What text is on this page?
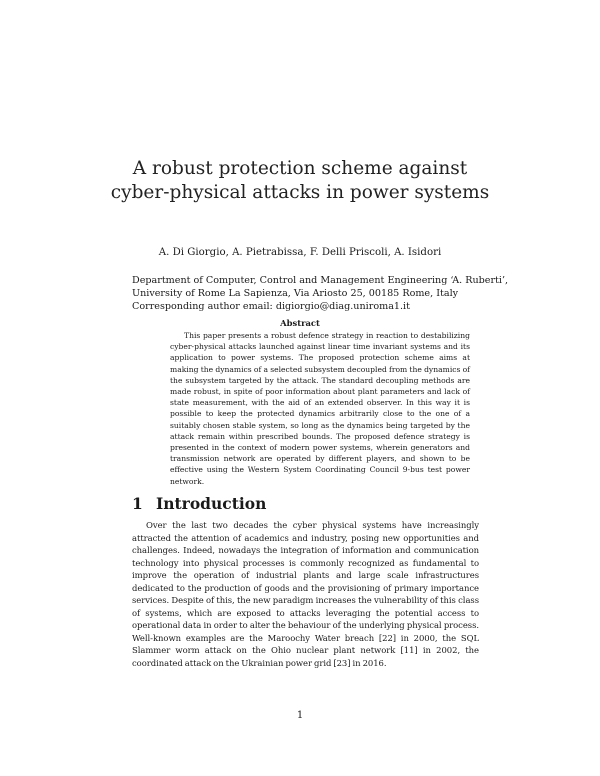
A robust protection scheme against
cyber-physical attacks in power systems
A. Di Giorgio, A. Pietrabissa, F. Delli Priscoli, A. Isidori
Department of Computer, Control and Management Engineering ‘A. Ruberti’,
University of Rome La Sapienza, Via Ariosto 25, 00185 Rome, Italy
Corresponding author email: digiorgio@diag.uniroma1.it
Abstract
This paper presents a robust defence strategy in reaction to destabilizing cyber-physical attacks launched against linear time invariant systems and its application to power systems. The proposed protection scheme aims at making the dynamics of a selected subsystem decoupled from the dynamics of the subsystem targeted by the attack. The standard decoupling methods are made robust, in spite of poor information about plant parameters and lack of state measurement, with the aid of an extended observer. In this way it is possible to keep the protected dynamics arbitrarily close to the one of a suitably chosen stable system, so long as the dynamics being targeted by the attack remain within prescribed bounds. The proposed defence strategy is presented in the context of modern power systems, wherein generators and transmission network are operated by different players, and shown to be effective using the Western System Coordinating Council 9-bus test power network.
1 Introduction
Over the last two decades the cyber physical systems have increasingly attracted the attention of academics and industry, posing new opportunities and challenges. Indeed, nowadays the integration of information and communication technology into physical processes is commonly recognized as fundamental to improve the operation of industrial plants and large scale infrastructures dedicated to the production of goods and the provisioning of primary importance services. Despite of this, the new paradigm increases the vulnerability of this class of systems, which are exposed to attacks leveraging the potential access to operational data in order to alter the behaviour of the underlying physical process. Well-known examples are the Maroochy Water breach [22] in 2000, the SQL Slammer worm attack on the Ohio nuclear plant network [11] in 2002, the coordinated attack on the Ukrainian power grid [23] in 2016.
1
